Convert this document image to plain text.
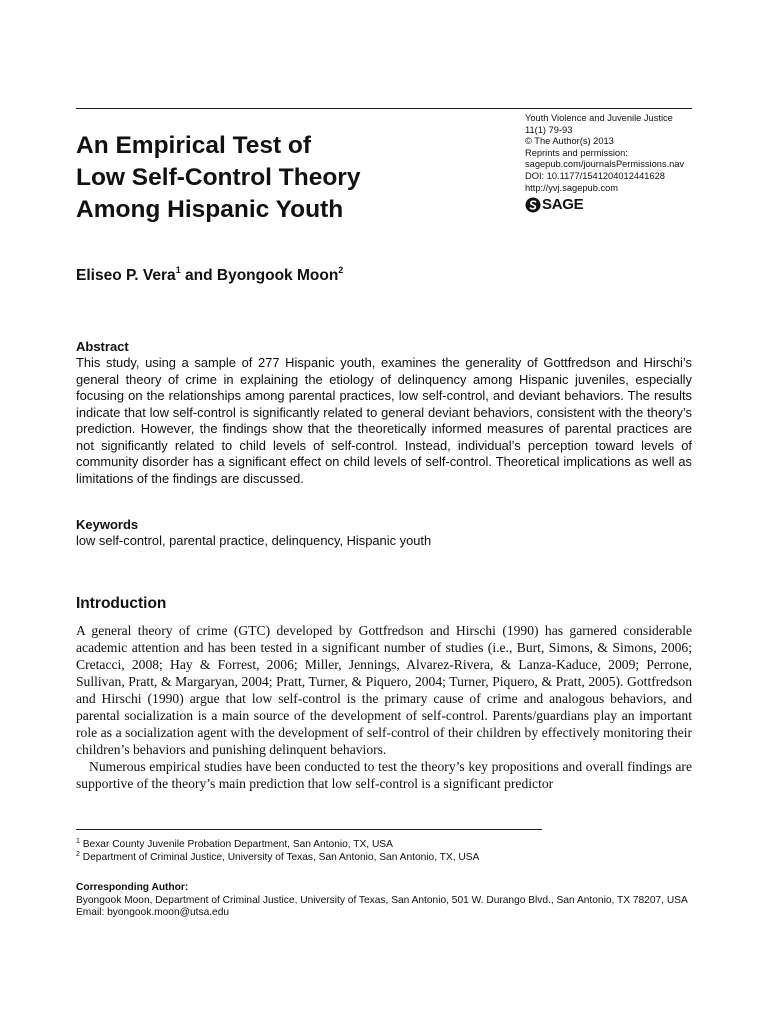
An Empirical Test of
Low Self-Control Theory
Among Hispanic Youth
Youth Violence and Juvenile Justice
11(1) 79-93
© The Author(s) 2013
Reprints and permission:
sagepub.com/journalsPermissions.nav
DOI: 10.1177/1541204012441628
http://yvj.sagepub.com
SAGE
Eliseo P. Vera$^1$ and Byongook Moon$^2$
Abstract

This study, using a sample of 277 Hispanic youth, examines the generality of Gottfredson and Hirschi’s general theory of crime in explaining the etiology of delinquency among Hispanic juveniles, especially focusing on the relationships among parental practices, low self-control, and deviant behaviors. The results indicate that low self-control is significantly related to general deviant behaviors, consistent with the theory’s prediction. However, the findings show that the theoretically informed measures of parental practices are not significantly related to child levels of self-control. Instead, individual’s perception toward levels of community disorder has a significant effect on child levels of self-control. Theoretical implications as well as limitations of the findings are discussed.

Keywords

low self-control, parental practice, delinquency, Hispanic youth

Introduction

A general theory of crime (GTC) developed by Gottfredson and Hirschi (1990) has garnered considerable academic attention and has been tested in a significant number of studies (i.e., Burt, Simons, & Simons, 2006; Cretacci, 2008; Hay & Forrest, 2006; Miller, Jennings, Alvarez-Rivera, & Lanza-Kaduce, 2009; Perrone, Sullivan, Pratt, & Margaryan, 2004; Pratt, Turner, & Piquero, 2004; Turner, Piquero, & Pratt, 2005). Gottfredson and Hirschi (1990) argue that low self-control is the primary cause of crime and analogous behaviors, and parental socialization is a main source of the development of self-control. Parents/guardians play an important role as a socialization agent with the development of self-control of their children by effectively monitoring their children’s behaviors and punishing delinquent behaviors.

Numerous empirical studies have been conducted to test the theory’s key propositions and overall findings are supportive of the theory’s main prediction that low self-control is a significant predictor

$^1$ Bexar County Juvenile Probation Department, San Antonio, TX, USA
$^2$ Department of Criminal Justice, University of Texas, San Antonio, San Antonio, TX, USA
Corresponding Author:
Byongook Moon, Department of Criminal Justice, University of Texas, San Antonio, 501 W. Durango Blvd., San Antonio, TX 78207, USA
Email: byongook.moon@utsa.edu
